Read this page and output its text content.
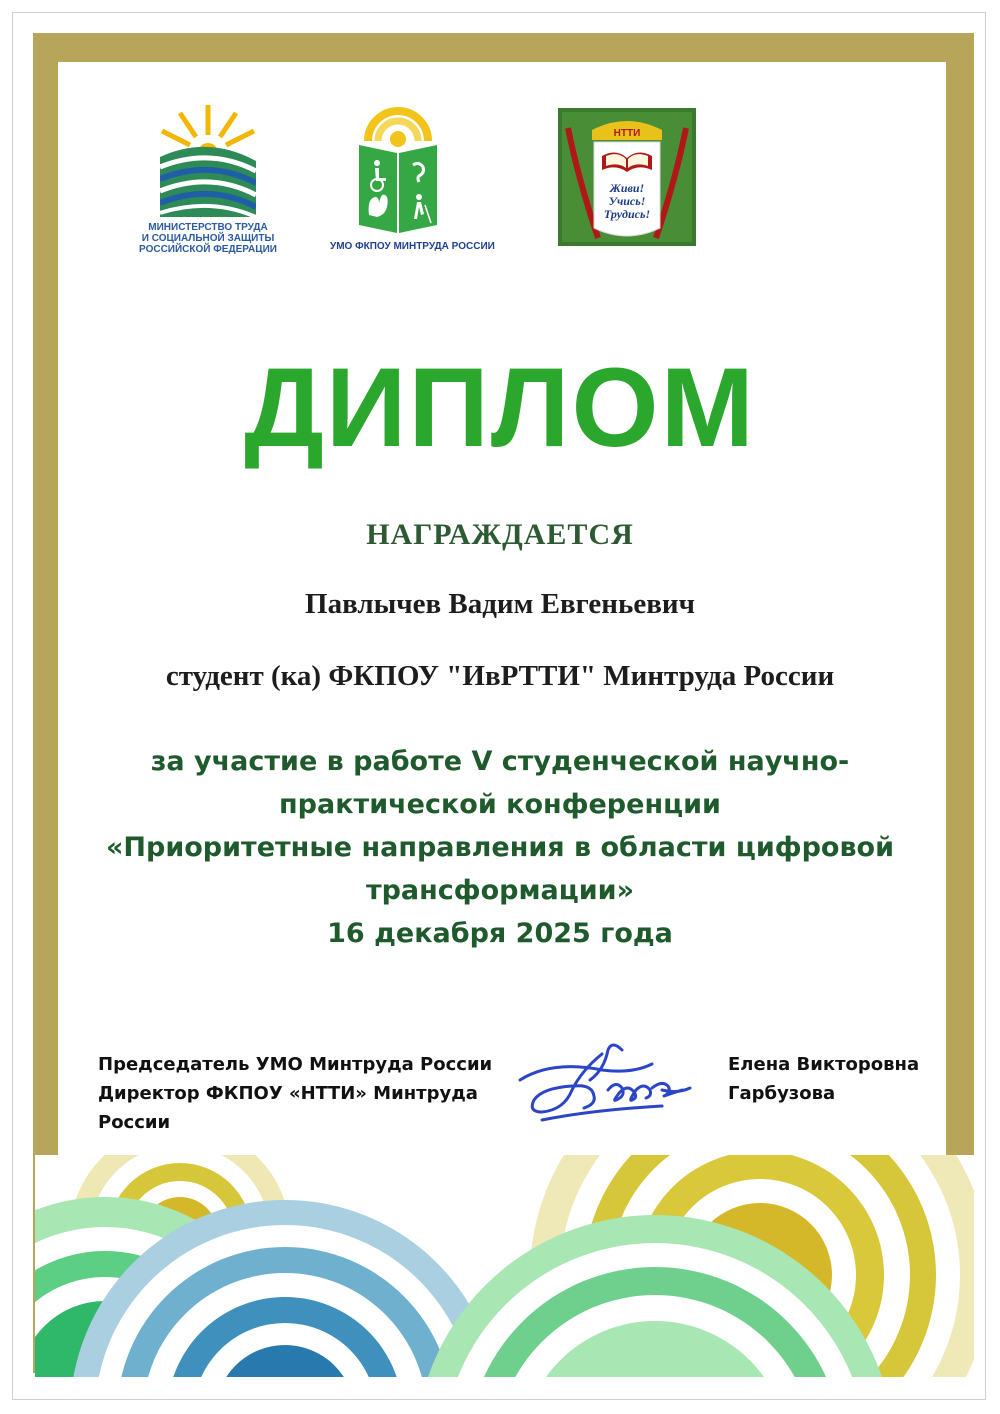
МИНИСТЕРСТВО ТРУДА
И СОЦИАЛЬНОЙ ЗАЩИТЫ
РОССИЙСКОЙ ФЕДЕРАЦИИ	УМО ФКПОУ МИНТРУДА РОССИИ
НТТИ
Живи!
Учись!
Трудись!
ДИПЛОМ
НАГРАЖДАЕТСЯ
Павлычев Вадим Евгеньевич
студент (ка) ФКПОУ "ИвРТТИ" Минтруда России
за участие в работе V студенческой научно-
практической конференции
«Приоритетные направления в области цифровой
трансформации»
16 декабря 2025 года
Председатель УМО Минтруда России
Директор ФКПОУ «НТТИ» Минтруда
России
Елена Викторовна
Гарбузова
